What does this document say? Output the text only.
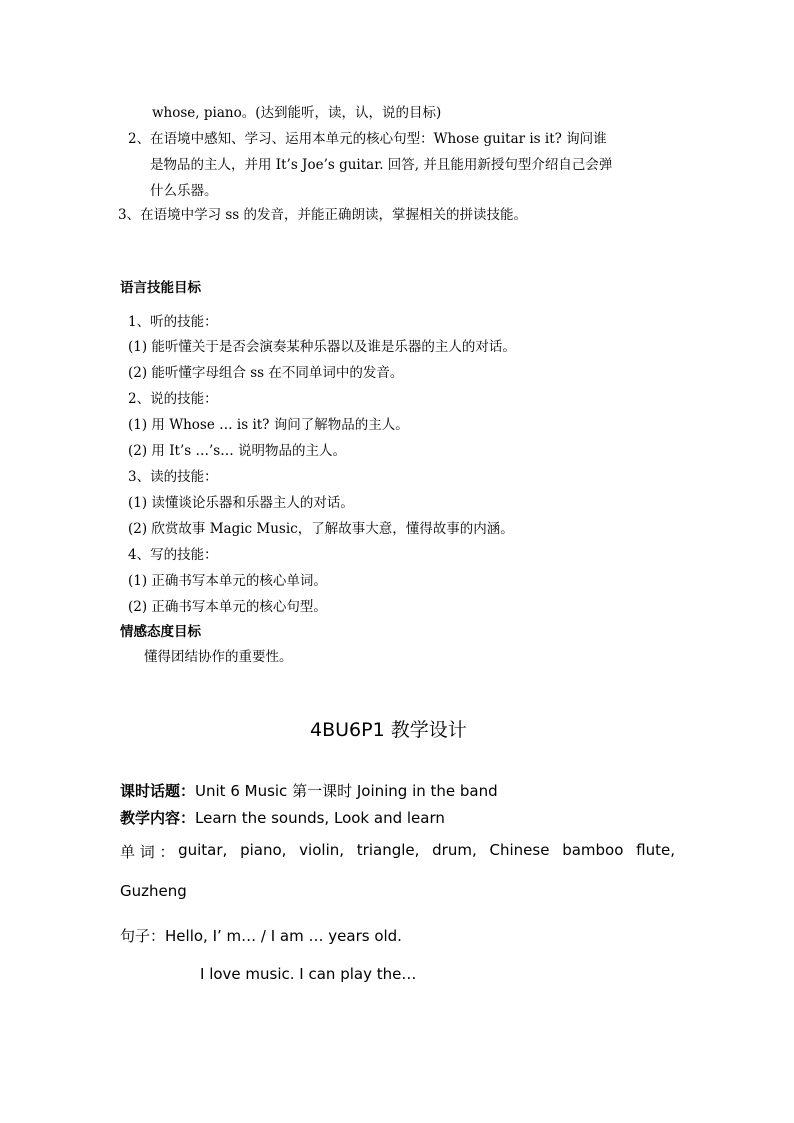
whose, piano。(达到能听，读，认，说的目标)
2、在语境中感知、学习、运用本单元的核心句型：Whose guitar is it? 询问谁
是物品的主人，并用 It’s Joe’s guitar. 回答, 并且能用新授句型介绍自己会弹
什么乐器。
3、在语境中学习 ss 的发音，并能正确朗读，掌握相关的拼读技能。
语言技能目标
1、听的技能：
(1) 能听懂关于是否会演奏某种乐器以及谁是乐器的主人的对话。
(2) 能听懂字母组合 ss 在不同单词中的发音。
2、说的技能：
(1) 用 Whose … is it? 询问了解物品的主人。
(2) 用 It’s …’s… 说明物品的主人。
3、读的技能：
(1) 读懂谈论乐器和乐器主人的对话。
(2) 欣赏故事 Magic Music，了解故事大意，懂得故事的内涵。
4、写的技能：
(1) 正确书写本单元的核心单词。
(2) 正确书写本单元的核心句型。
情感态度目标
懂得团结协作的重要性。
4BU6P1 教学设计
课时话题：Unit 6 Music 第一课时 Joining in the band
教学内容：Learn the sounds, Look and learn
单 词 ： guitar, piano, violin, triangle, drum, Chinese bamboo flute,
Guzheng
句子：Hello, I’ m… / I am … years old.
I love music. I can play the…
